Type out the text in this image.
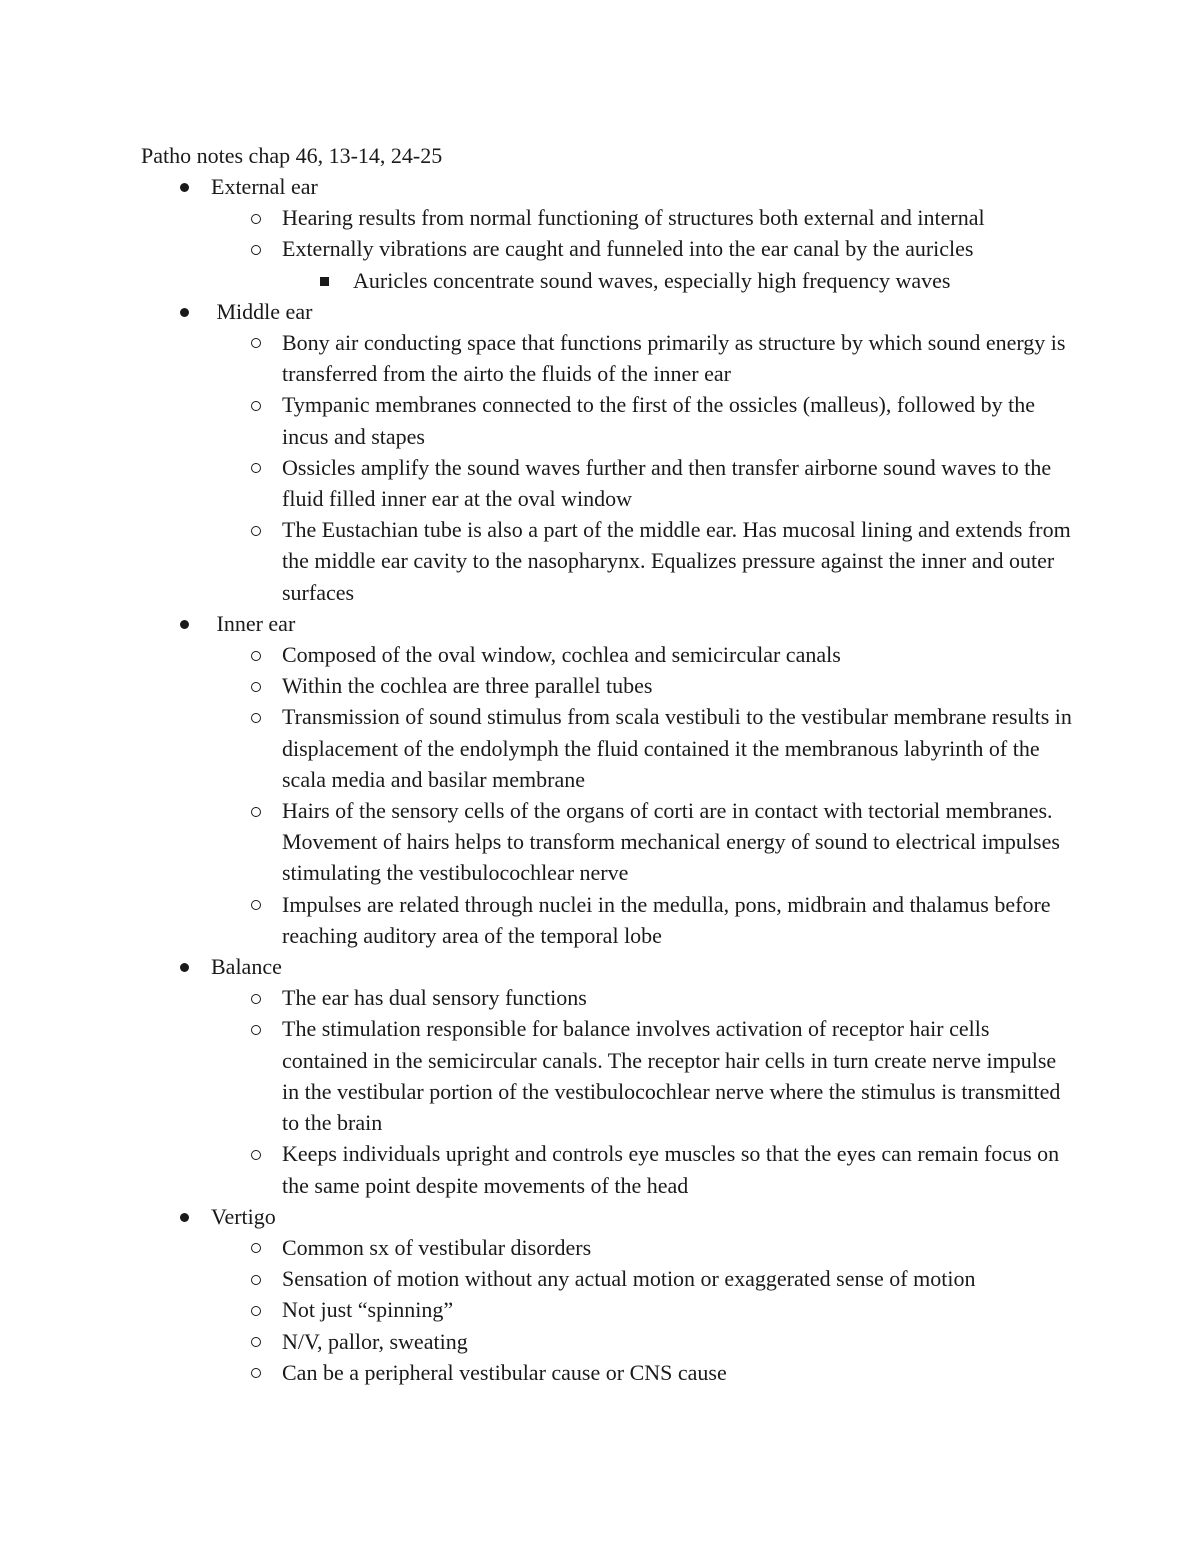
Patho notes chap 46, 13-14, 24-25
External ear
Hearing results from normal functioning of structures both external and internal
Externally vibrations are caught and funneled into the ear canal by the auricles
Auricles concentrate sound waves, especially high frequency waves
Middle ear
Bony air conducting space that functions primarily as structure by which sound energy is transferred from the airto the fluids of the inner ear
Tympanic membranes connected to the first of the ossicles (malleus), followed by the incus and stapes
Ossicles amplify the sound waves further and then transfer airborne sound waves to the fluid filled inner ear at the oval window
The Eustachian tube is also a part of the middle ear. Has mucosal lining and extends from the middle ear cavity to the nasopharynx. Equalizes pressure against the inner and outer surfaces
Inner ear
Composed of the oval window, cochlea and semicircular canals
Within the cochlea are three parallel tubes
Transmission of sound stimulus from scala vestibuli to the vestibular membrane results in displacement of the endolymph the fluid contained it the membranous labyrinth of the scala media and basilar membrane
Hairs of the sensory cells of the organs of corti are in contact with tectorial membranes. Movement of hairs helps to transform mechanical energy of sound to electrical impulses stimulating the vestibulocochlear nerve
Impulses are related through nuclei in the medulla, pons, midbrain and thalamus before reaching auditory area of the temporal lobe
Balance
The ear has dual sensory functions
The stimulation responsible for balance involves activation of receptor hair cells contained in the semicircular canals. The receptor hair cells in turn create nerve impulse in the vestibular portion of the vestibulocochlear nerve where the stimulus is transmitted to the brain
Keeps individuals upright and controls eye muscles so that the eyes can remain focus on the same point despite movements of the head
Vertigo
Common sx of vestibular disorders
Sensation of motion without any actual motion or exaggerated sense of motion
Not just “spinning”
N/V, pallor, sweating
Can be a peripheral vestibular cause or CNS cause
